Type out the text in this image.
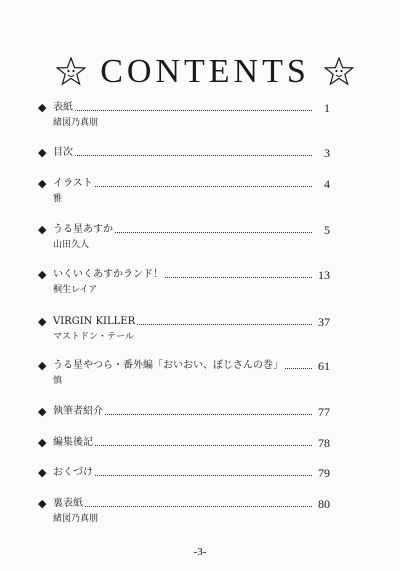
CONTENTS
◆ 表紙	1
緒図乃真朋
◆ 目次	3
◆ イラスト	4
雅
◆ うる星あすか	5
山田久人
◆ いくいくあすかランド！	13
桐生レイア
◆ VIRGIN KILLER	37
マストドン・テール
◆ うる星やつら・番外編「おいおい、ぼじさんの巻」	61
慎
◆ 執筆者紹介	77
◆ 編集後記	78
◆ おくづけ	79
◆ 裏表紙	80
緒図乃真朋
-3-
